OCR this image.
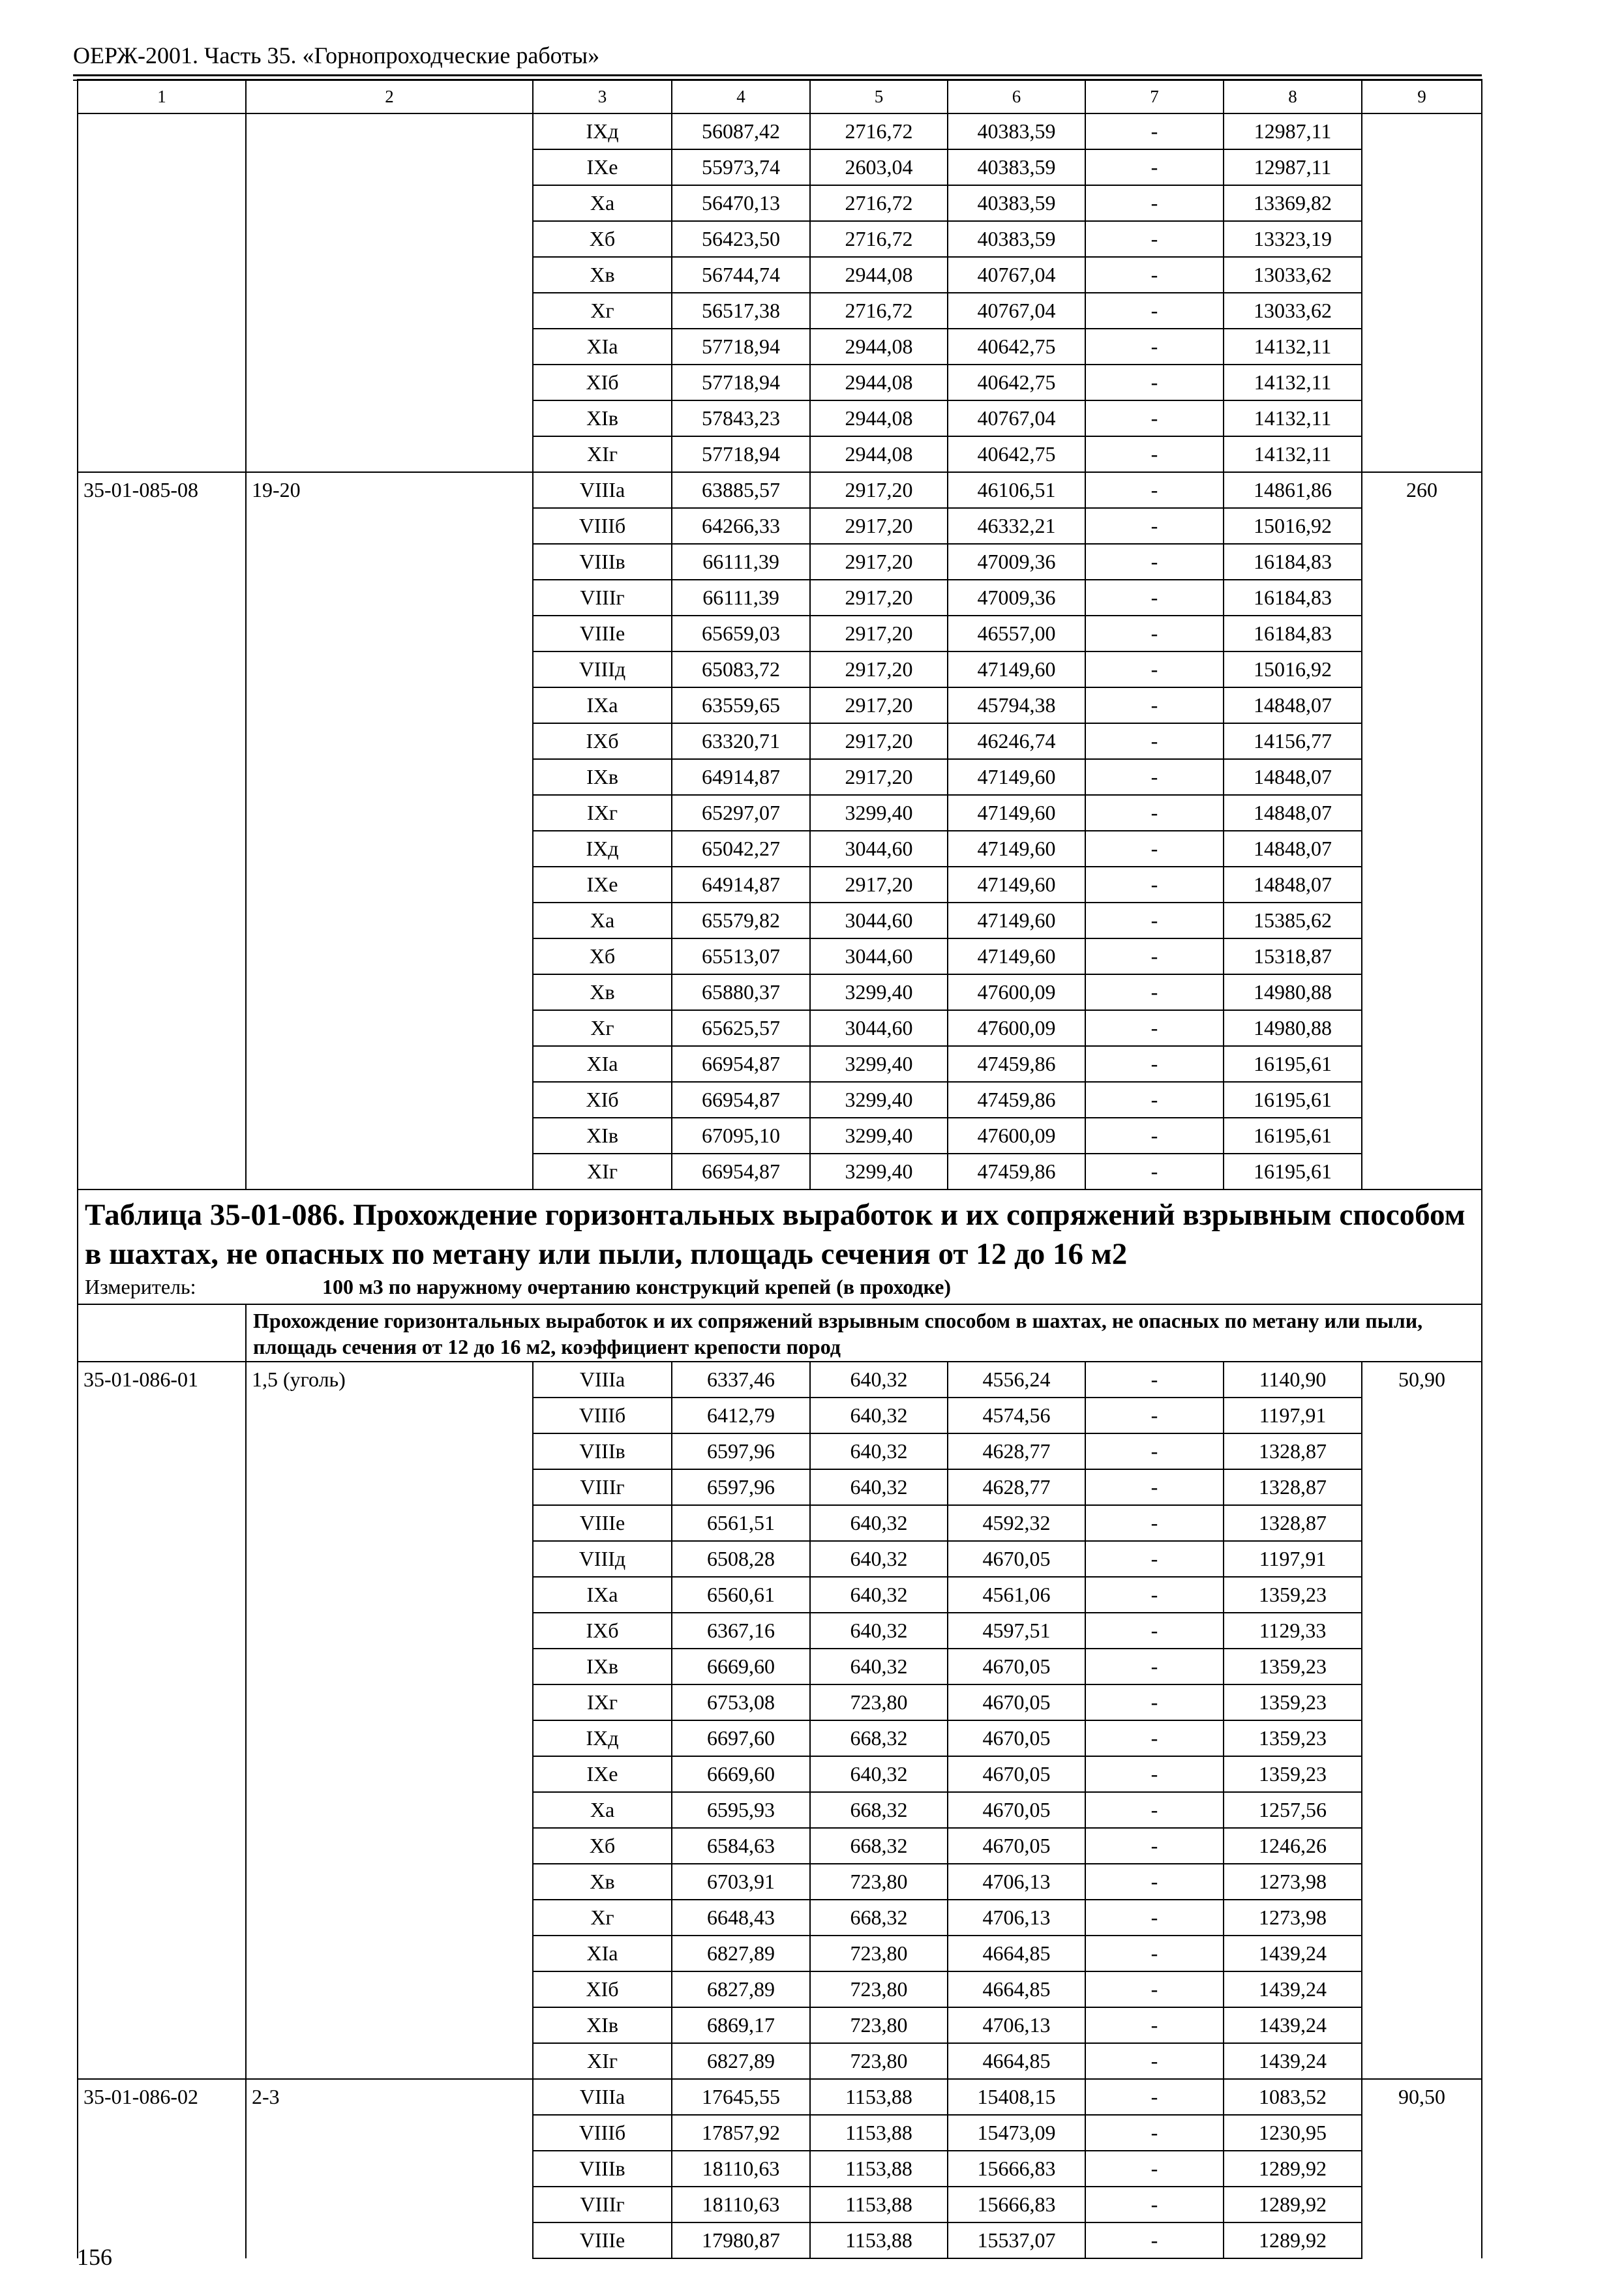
ОЕРЖ-2001. Часть 35. «Горнопроходческие работы»
1	2	3	4	5	6	7	8	9
		IXд	56087,42	2716,72	40383,59	-	12987,11	
		IXе	55973,74	2603,04	40383,59	-	12987,11	
		Xа	56470,13	2716,72	40383,59	-	13369,82	
		Xб	56423,50	2716,72	40383,59	-	13323,19	
		Xв	56744,74	2944,08	40767,04	-	13033,62	
		Xг	56517,38	2716,72	40767,04	-	13033,62	
		XIа	57718,94	2944,08	40642,75	-	14132,11	
		XIб	57718,94	2944,08	40642,75	-	14132,11	
		XIв	57843,23	2944,08	40767,04	-	14132,11	
		XIг	57718,94	2944,08	40642,75	-	14132,11	
35-01-085-08	19-20	VIIIа	63885,57	2917,20	46106,51	-	14861,86	260
		VIIIб	64266,33	2917,20	46332,21	-	15016,92	
		VIIIв	66111,39	2917,20	47009,36	-	16184,83	
		VIIIг	66111,39	2917,20	47009,36	-	16184,83	
		VIIIе	65659,03	2917,20	46557,00	-	16184,83	
		VIIIд	65083,72	2917,20	47149,60	-	15016,92	
		IXа	63559,65	2917,20	45794,38	-	14848,07	
		IXб	63320,71	2917,20	46246,74	-	14156,77	
		IXв	64914,87	2917,20	47149,60	-	14848,07	
		IXг	65297,07	3299,40	47149,60	-	14848,07	
		IXд	65042,27	3044,60	47149,60	-	14848,07	
		IXе	64914,87	2917,20	47149,60	-	14848,07	
		Xа	65579,82	3044,60	47149,60	-	15385,62	
		Xб	65513,07	3044,60	47149,60	-	15318,87	
		Xв	65880,37	3299,40	47600,09	-	14980,88	
		Xг	65625,57	3044,60	47600,09	-	14980,88	
		XIа	66954,87	3299,40	47459,86	-	16195,61	
		XIб	66954,87	3299,40	47459,86	-	16195,61	
		XIв	67095,10	3299,40	47600,09	-	16195,61	
		XIг	66954,87	3299,40	47459,86	-	16195,61	
Таблица 35-01-086. Прохождение горизонтальных выработок и их сопряжений взрывным способом в шахтах, не опасных по метану или пыли, площадь сечения от 12 до 16 м2								
Измеритель: 100 м3 по наружному очертанию конструкций крепей (в проходке)								
	Прохождение горизонтальных выработок и их сопряжений взрывным способом в шахтах, не опасных по метану или пыли, площадь сечения от 12 до 16 м2, коэффициент крепости пород							
35-01-086-01	1,5 (уголь)	VIIIа	6337,46	640,32	4556,24	-	1140,90	50,90
		VIIIб	6412,79	640,32	4574,56	-	1197,91	
		VIIIв	6597,96	640,32	4628,77	-	1328,87	
		VIIIг	6597,96	640,32	4628,77	-	1328,87	
		VIIIе	6561,51	640,32	4592,32	-	1328,87	
		VIIIд	6508,28	640,32	4670,05	-	1197,91	
		IXа	6560,61	640,32	4561,06	-	1359,23	
		IXб	6367,16	640,32	4597,51	-	1129,33	
		IXв	6669,60	640,32	4670,05	-	1359,23	
		IXг	6753,08	723,80	4670,05	-	1359,23	
		IXд	6697,60	668,32	4670,05	-	1359,23	
		IXе	6669,60	640,32	4670,05	-	1359,23	
		Xа	6595,93	668,32	4670,05	-	1257,56	
		Xб	6584,63	668,32	4670,05	-	1246,26	
		Xв	6703,91	723,80	4706,13	-	1273,98	
		Xг	6648,43	668,32	4706,13	-	1273,98	
		XIа	6827,89	723,80	4664,85	-	1439,24	
		XIб	6827,89	723,80	4664,85	-	1439,24	
		XIв	6869,17	723,80	4706,13	-	1439,24	
		XIг	6827,89	723,80	4664,85	-	1439,24	
35-01-086-02	2-3	VIIIа	17645,55	1153,88	15408,15	-	1083,52	90,50
		VIIIб	17857,92	1153,88	15473,09	-	1230,95	
		VIIIв	18110,63	1153,88	15666,83	-	1289,92	
		VIIIг	18110,63	1153,88	15666,83	-	1289,92	
		VIIIе	17980,87	1153,88	15537,07	-	1289,92	
156
